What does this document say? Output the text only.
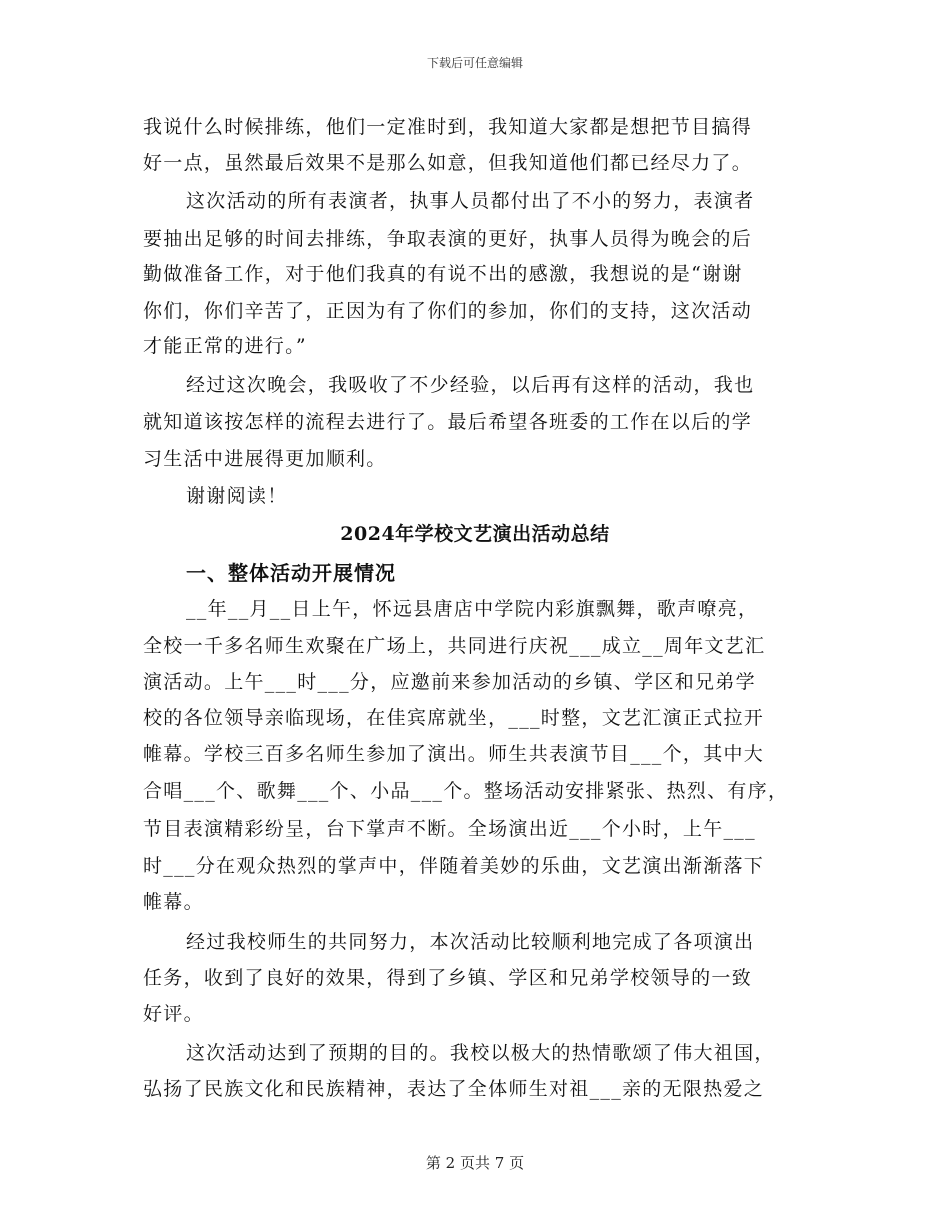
下载后可任意编辑
我说什么时候排练，他们一定准时到，我知道大家都是想把节目搞得
好一点，虽然最后效果不是那么如意，但我知道他们都已经尽力了。
这次活动的所有表演者，执事人员都付出了不小的努力，表演者
要抽出足够的时间去排练，争取表演的更好，执事人员得为晚会的后
勤做准备工作，对于他们我真的有说不出的感激，我想说的是“谢谢
你们，你们辛苦了，正因为有了你们的参加，你们的支持，这次活动
才能正常的进行。”
经过这次晚会，我吸收了不少经验，以后再有这样的活动，我也
就知道该按怎样的流程去进行了。最后希望各班委的工作在以后的学
习生活中进展得更加顺利。
谢谢阅读！
2024年学校文艺演出活动总结
一、整体活动开展情况
__年__月__日上午，怀远县唐店中学院内彩旗飘舞，歌声嘹亮，
全校一千多名师生欢聚在广场上，共同进行庆祝___成立__周年文艺汇
演活动。上午___时___分，应邀前来参加活动的乡镇、学区和兄弟学
校的各位领导亲临现场，在佳宾席就坐，___时整，文艺汇演正式拉开
帷幕。学校三百多名师生参加了演出。师生共表演节目___个，其中大
合唱___个、歌舞___个、小品___个。整场活动安排紧张、热烈、有序，
节目表演精彩纷呈，台下掌声不断。全场演出近___个小时，上午___
时___分在观众热烈的掌声中，伴随着美妙的乐曲，文艺演出渐渐落下
帷幕。
经过我校师生的共同努力，本次活动比较顺利地完成了各项演出
任务，收到了良好的效果，得到了乡镇、学区和兄弟学校领导的一致
好评。
这次活动达到了预期的目的。我校以极大的热情歌颂了伟大祖国，
弘扬了民族文化和民族精神，表达了全体师生对祖___亲的无限热爱之
第 2 页共 7 页
